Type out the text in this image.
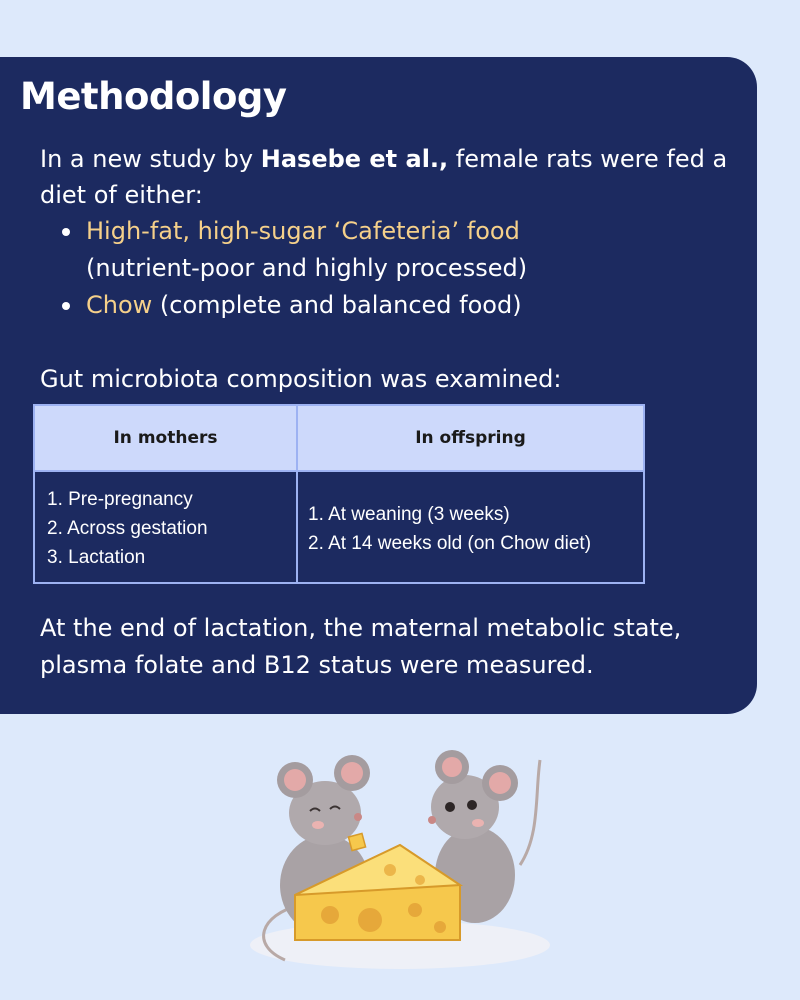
Methodology

In a new study by Hasebe et al., female rats were fed a diet of either:

High-fat, high-sugar ‘Cafeteria’ food
(nutrient-poor and highly processed)
Chow (complete and balanced food)

Gut microbiota composition was examined:

In mothers	In offspring
1. Pre-pregnancy
2. Across gestation
3. Lactation
1. At weaning (3 weeks)
2. At 14 weeks old (on Chow diet)

At the end of lactation, the maternal metabolic state, plasma folate and B12 status were measured.
